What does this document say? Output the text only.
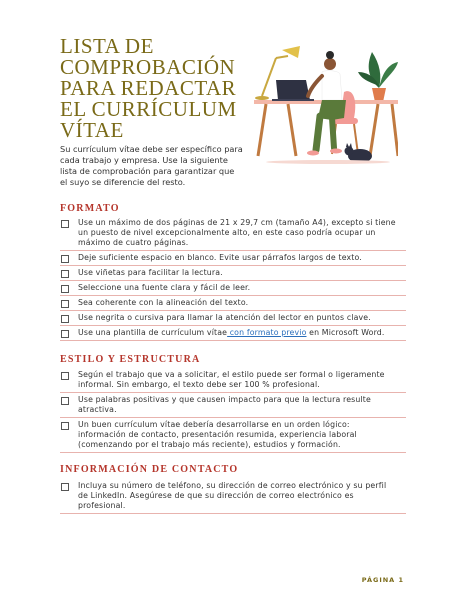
LISTA DE
COMPROBACIÓN
PARA REDACTAR
EL CURRÍCULUM
VÍTAE
Su currículum vítae debe ser específico para
cada trabajo y empresa. Use la siguiente
lista de comprobación para garantizar que
el suyo se diferencie del resto.
FORMATO
Use un máximo de dos páginas de 21 x 29,7 cm (tamaño A4), excepto si tiene
un puesto de nivel excepcionalmente alto, en este caso podría ocupar un
máximo de cuatro páginas.
Deje suficiente espacio en blanco. Evite usar párrafos largos de texto.
Use viñetas para facilitar la lectura.
Seleccione una fuente clara y fácil de leer.
Sea coherente con la alineación del texto.
Use negrita o cursiva para llamar la atención del lector en puntos clave.
Use una plantilla de currículum vítae con formato previo en Microsoft Word.
ESTILO Y ESTRUCTURA
Según el trabajo que va a solicitar, el estilo puede ser formal o ligeramente
informal. Sin embargo, el texto debe ser 100 % profesional.
Use palabras positivas y que causen impacto para que la lectura resulte
atractiva.
Un buen currículum vítae debería desarrollarse en un orden lógico:
información de contacto, presentación resumida, experiencia laboral
(comenzando por el trabajo más reciente), estudios y formación.
INFORMACIÓN DE CONTACTO
Incluya su número de teléfono, su dirección de correo electrónico y su perfil
de LinkedIn. Asegúrese de que su dirección de correo electrónico es
profesional.
PÁGINA 1
